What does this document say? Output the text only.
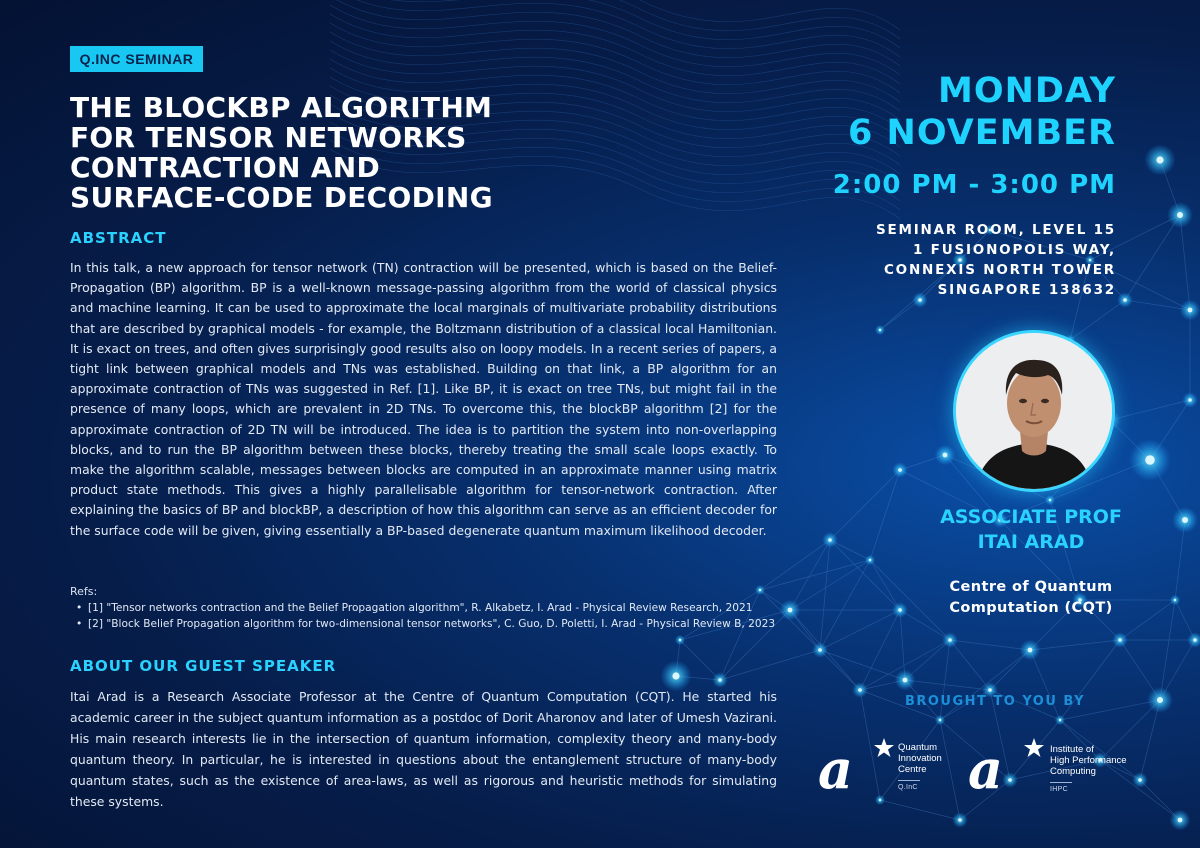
Q.INC SEMINAR
THE BLOCKBP ALGORITHM
FOR TENSOR NETWORKS
CONTRACTION AND
SURFACE-CODE DECODING
ABSTRACT

In this talk, a new approach for tensor network (TN) contraction will be presented, which is based on the Belief-Propagation (BP) algorithm. BP is a well-known message-passing algorithm from the world of classical physics and machine learning. It can be used to approximate the local marginals of multivariate probability distributions that are described by graphical models - for example, the Boltzmann distribution of a classical local Hamiltonian. It is exact on trees, and often gives surprisingly good results also on loopy models. In a recent series of papers, a tight link between graphical models and TNs was established. Building on that link, a BP algorithm for an approximate contraction of TNs was suggested in Ref. [1]. Like BP, it is exact on tree TNs, but might fail in the presence of many loops, which are prevalent in 2D TNs. To overcome this, the blockBP algorithm [2] for the approximate contraction of 2D TN will be introduced. The idea is to partition the system into non-overlapping blocks, and to run the BP algorithm between these blocks, thereby treating the small scale loops exactly. To make the algorithm scalable, messages between blocks are computed in an approximate manner using matrix product state methods. This gives a highly parallelisable algorithm for tensor-network contraction. After explaining the basics of BP and blockBP, a description of how this algorithm can serve as an efficient decoder for the surface code will be given, giving essentially a BP-based degenerate quantum maximum likelihood decoder.

Refs:
• [1] "Tensor networks contraction and the Belief Propagation algorithm", R. Alkabetz, I. Arad - Physical Review Research, 2021
• [2] "Block Belief Propagation algorithm for two-dimensional tensor networks", C. Guo, D. Poletti, I. Arad - Physical Review B, 2023
ABOUT OUR GUEST SPEAKER

Itai Arad is a Research Associate Professor at the Centre of Quantum Computation (CQT). He started his academic career in the subject quantum information as a postdoc of Dorit Aharonov and later of Umesh Vazirani. His main research interests lie in the intersection of quantum information, complexity theory and many-body quantum theory. In particular, he is interested in questions about the entanglement structure of many-body quantum states, such as the existence of area-laws, as well as rigorous and heuristic methods for simulating these systems.

MONDAY
6 NOVEMBER
2:00 PM - 3:00 PM
SEMINAR ROOM, LEVEL 15
1 FUSIONOPOLIS WAY,
CONNEXIS NORTH TOWER
SINGAPORE 138632
ASSOCIATE PROF
ITAI ARAD
Centre of Quantum
Computation (CQT)
BROUGHT TO YOU BY
a	Quantum
Innovation
Centre
Q.InC a	Institute of
High Performance
Computing
IHPC
